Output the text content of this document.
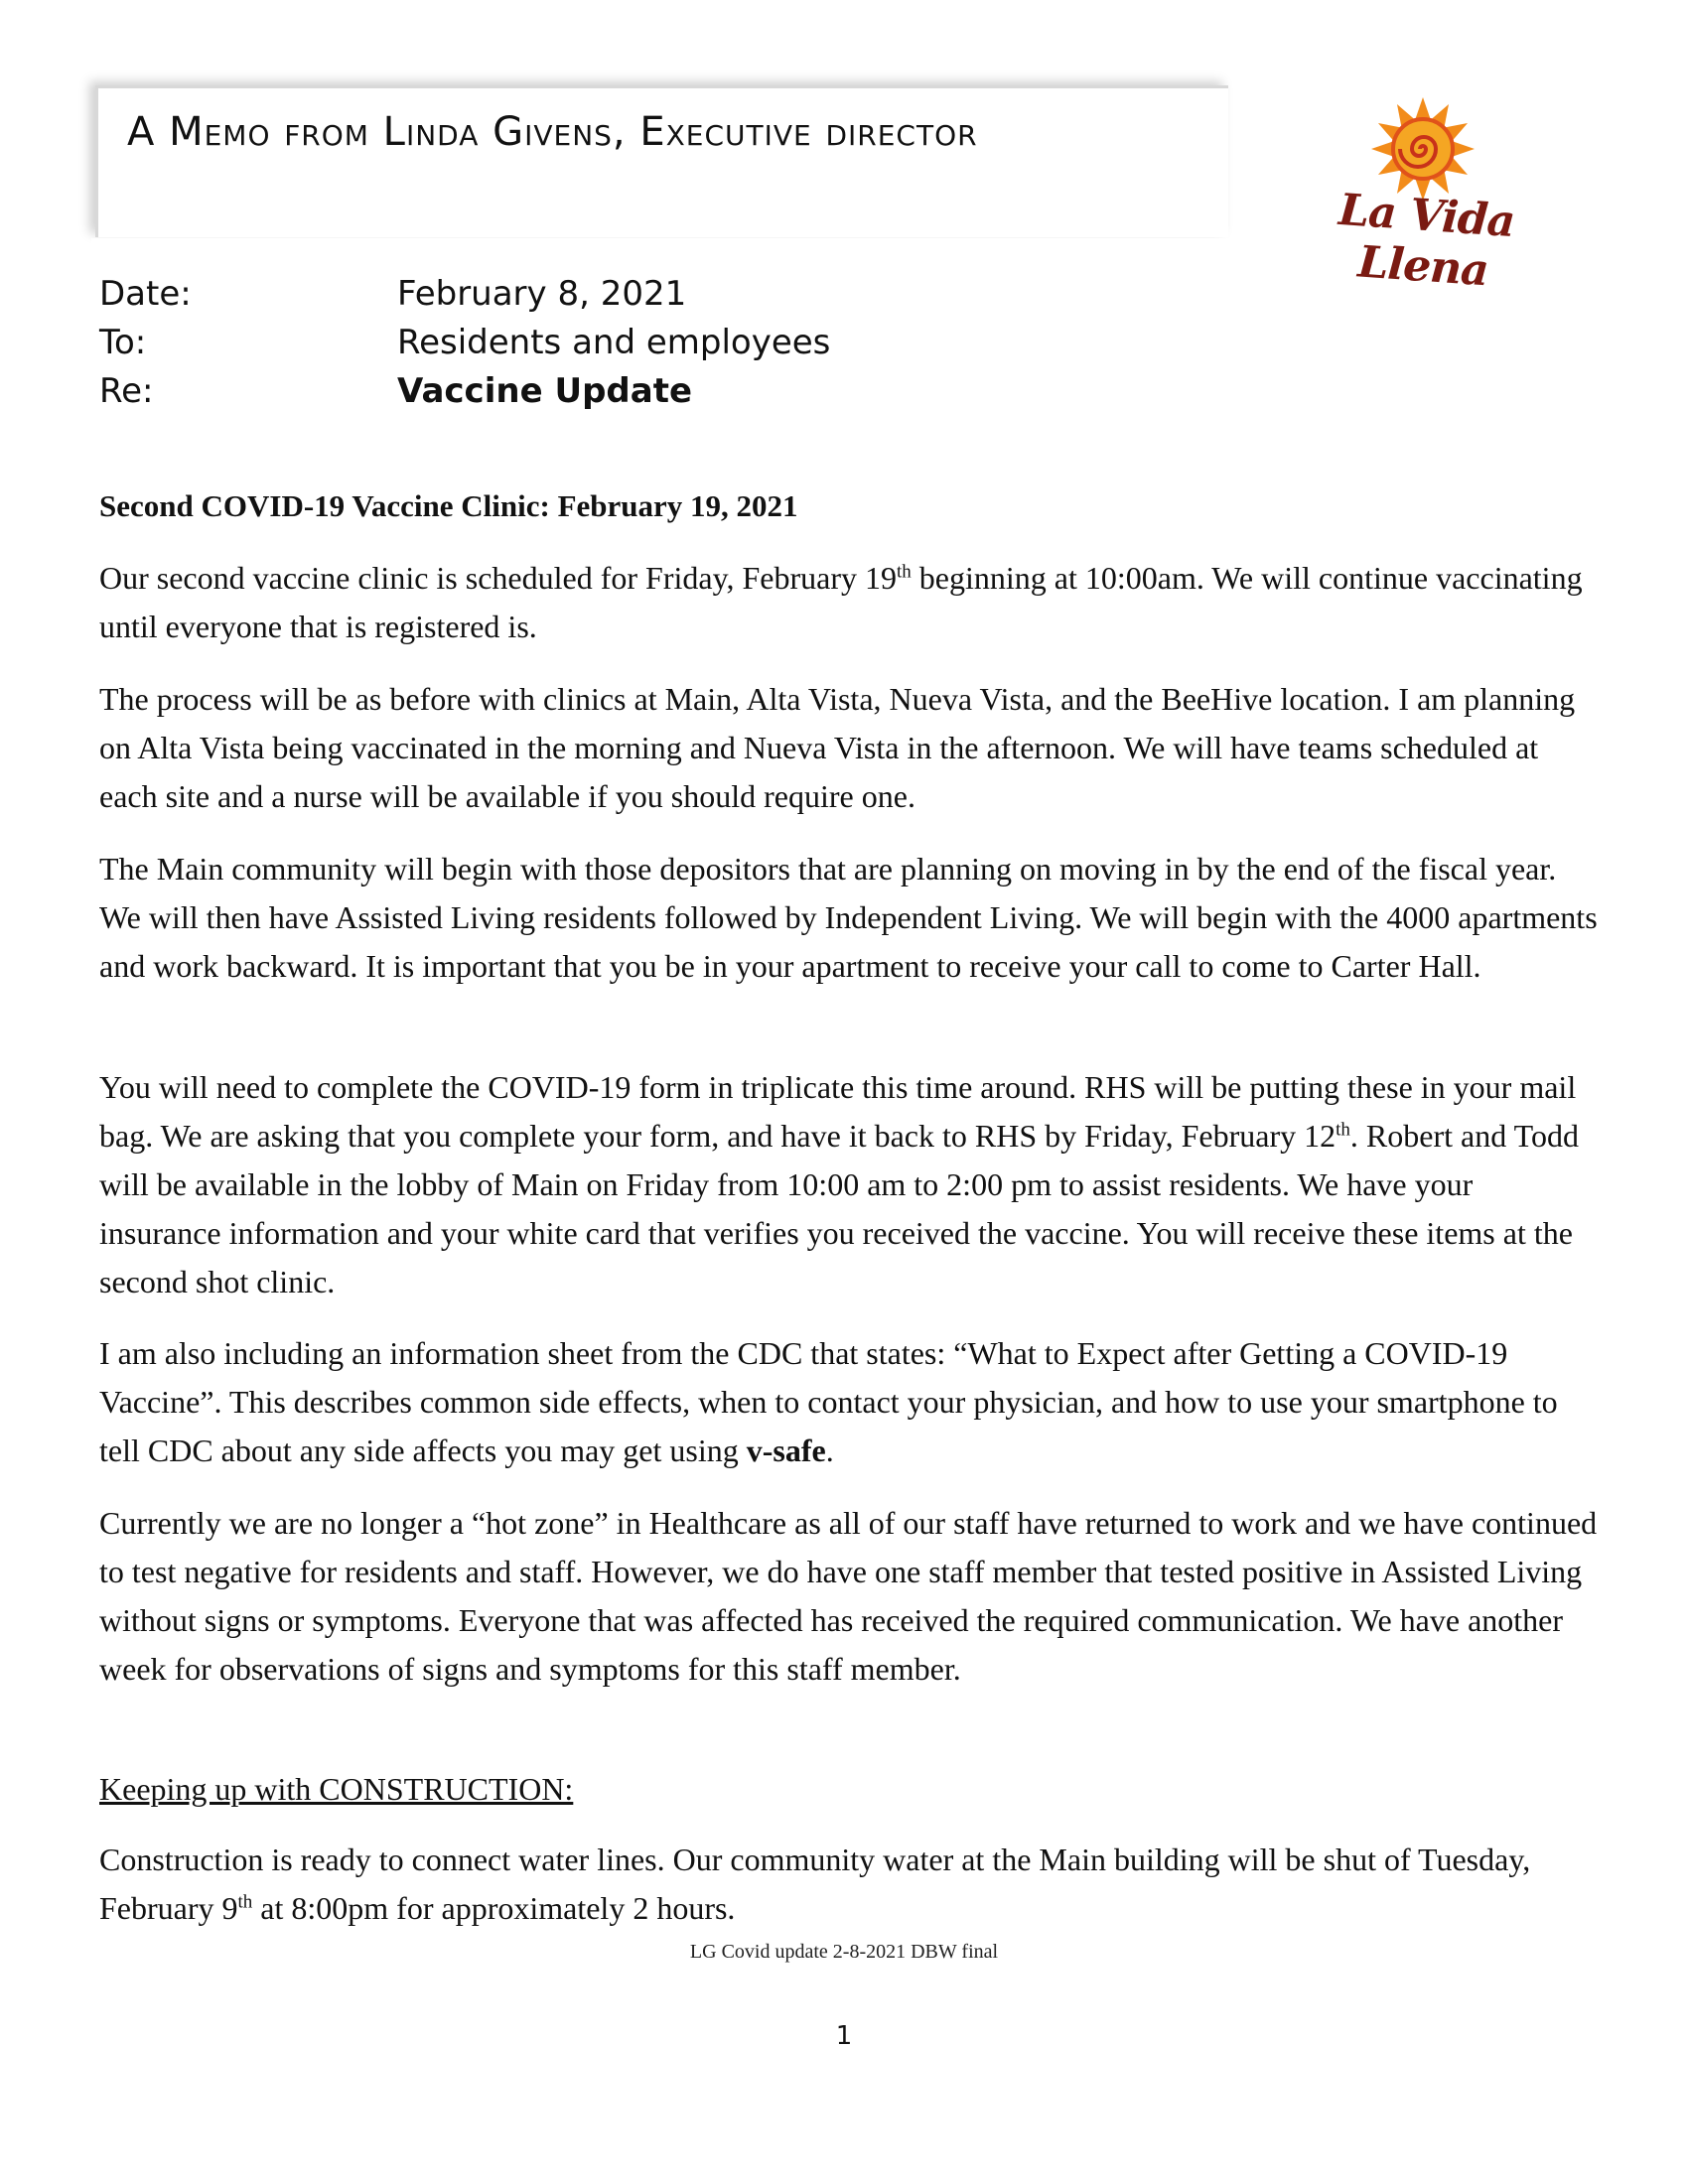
A Memo from Linda Givens, Executive director
La Vida Llena
Date:	February 8, 2021
To:	Residents and employees
Re:	Vaccine Update
Second COVID-19 Vaccine Clinic: February 19, 2021
Our second vaccine clinic is scheduled for Friday, February 19th beginning at 10:00am. We will continue vaccinating until everyone that is registered is.
The process will be as before with clinics at Main, Alta Vista, Nueva Vista, and the BeeHive location. I am planning on Alta Vista being vaccinated in the morning and Nueva Vista in the afternoon. We will have teams scheduled at each site and a nurse will be available if you should require one.
The Main community will begin with those depositors that are planning on moving in by the end of the fiscal year. We will then have Assisted Living residents followed by Independent Living. We will begin with the 4000 apartments and work backward. It is important that you be in your apartment to receive your call to come to Carter Hall.
You will need to complete the COVID-19 form in triplicate this time around. RHS will be putting these in your mail bag. We are asking that you complete your form, and have it back to RHS by Friday, February 12th. Robert and Todd will be available in the lobby of Main on Friday from 10:00 am to 2:00 pm to assist residents. We have your insurance information and your white card that verifies you received the vaccine. You will receive these items at the second shot clinic.
I am also including an information sheet from the CDC that states: “What to Expect after Getting a COVID-19 Vaccine”. This describes common side effects, when to contact your physician, and how to use your smartphone to tell CDC about any side affects you may get using v-safe.
Currently we are no longer a “hot zone” in Healthcare as all of our staff have returned to work and we have continued to test negative for residents and staff. However, we do have one staff member that tested positive in Assisted Living without signs or symptoms. Everyone that was affected has received the required communication. We have another week for observations of signs and symptoms for this staff member.
Keeping up with CONSTRUCTION:
Construction is ready to connect water lines. Our community water at the Main building will be shut of Tuesday, February 9th at 8:00pm for approximately 2 hours.
LG Covid update 2-8-2021 DBW final
1
